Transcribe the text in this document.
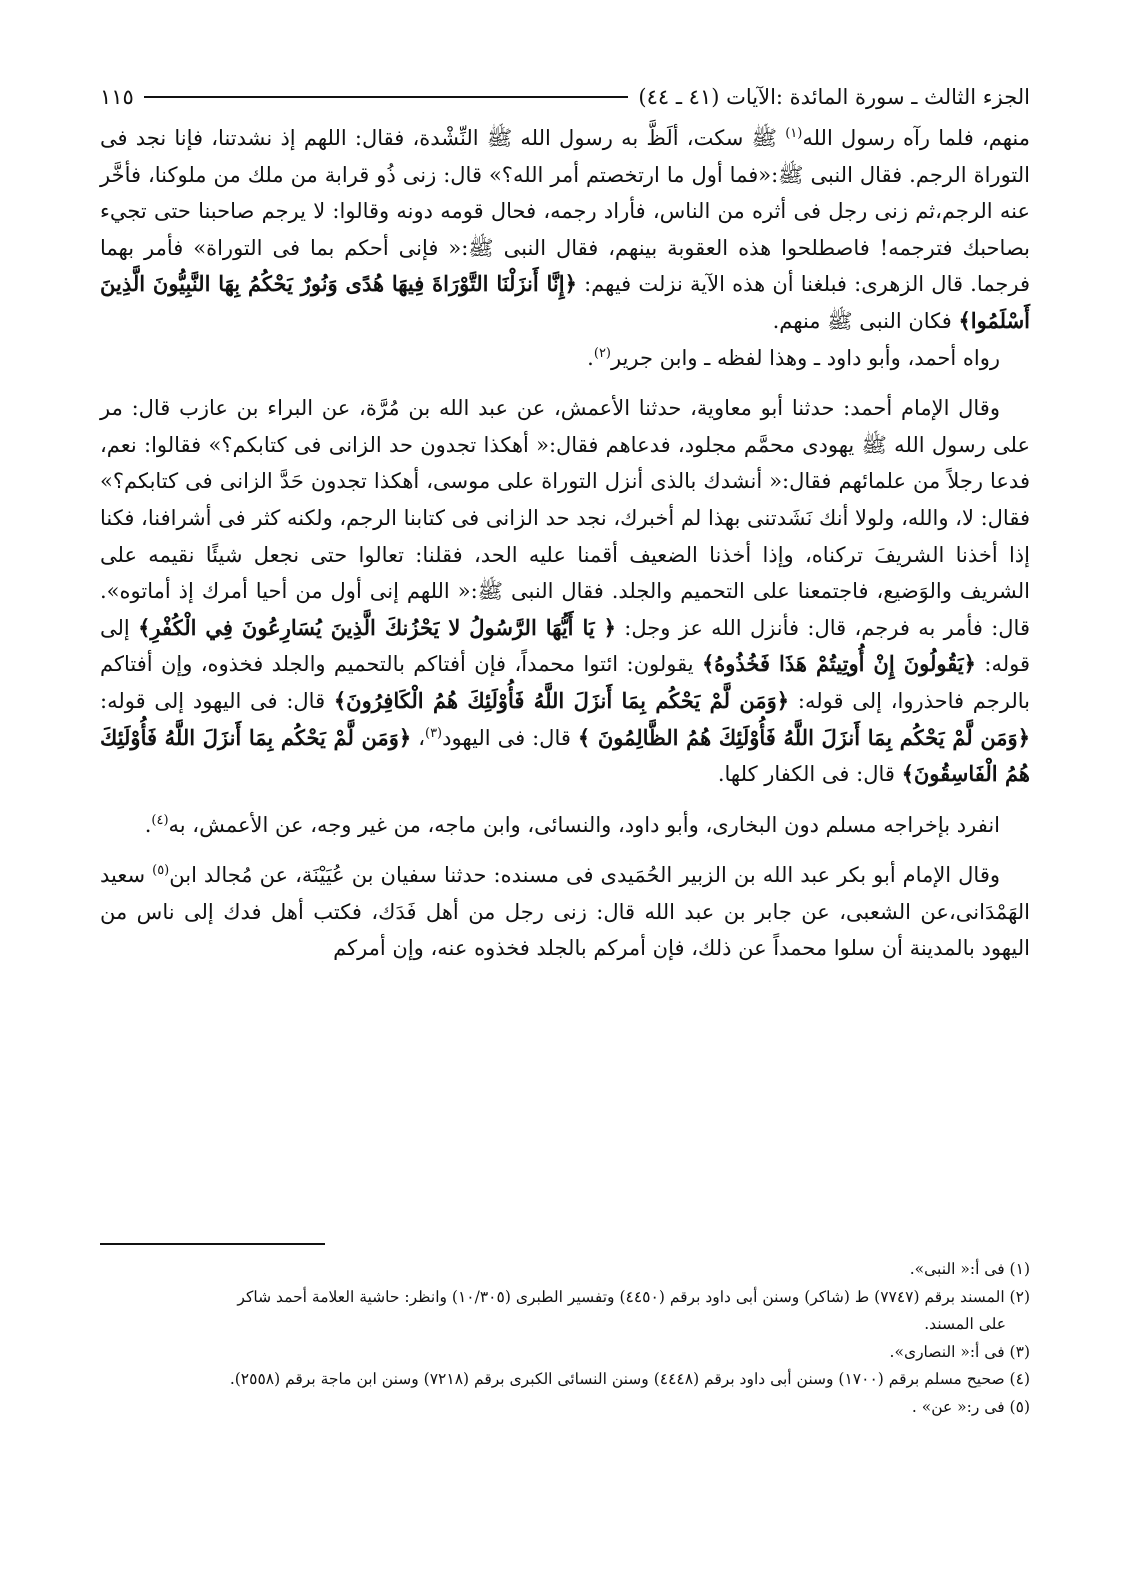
الجزء الثالث ـ سورة المائدة :الآيات (٤١ ـ ٤٤)
١١٥

منهم، فلما رآه رسول الله$^{(١)}$ ﷺ سكت، ألَظَّ به رسول الله ﷺ النِّشْدة، فقال: اللهم إذ نشدتنا، فإنا نجد فى التوراة الرجم. فقال النبى ﷺ:«فما أول ما ارتخصتم أمر الله؟» قال: زنى ذُو قرابة من ملك من ملوكنا، فأخَّر عنه الرجم،ثم زنى رجل فى أثره من الناس، فأراد رجمه، فحال قومه دونه وقالوا: لا يرجم صاحبنا حتى تجيء بصاحبك فترجمه! فاصطلحوا هذه العقوبة بينهم، فقال النبى ﷺ:« فإنى أحكم بما فى التوراة» فأمر بهما فرجما. قال الزهرى: فبلغنا أن هذه الآية نزلت فيهم: ﴿إِنَّا أَنزَلْنَا التَّوْرَاةَ فِيهَا هُدًى وَنُورٌ يَحْكُمُ بِهَا النَّبِيُّونَ الَّذِينَ أَسْلَمُوا﴾ فكان النبى ﷺ منهم.

رواه أحمد، وأبو داود ـ وهذا لفظه ـ وابن جرير$^{(٢)}$.

وقال الإمام أحمد: حدثنا أبو معاوية، حدثنا الأعمش، عن عبد الله بن مُرَّة، عن البراء بن عازب قال: مر على رسول الله ﷺ يهودى محمَّم مجلود، فدعاهم فقال:« أهكذا تجدون حد الزانى فى كتابكم؟» فقالوا: نعم، فدعا رجلاً من علمائهم فقال:« أنشدك بالذى أنزل التوراة على موسى، أهكذا تجدون حَدَّ الزانى فى كتابكم؟» فقال: لا، والله، ولولا أنك نَشَدتنى بهذا لم أخبرك، نجد حد الزانى فى كتابنا الرجم، ولكنه كثر فى أشرافنا، فكنا إذا أخذنا الشريفَ تركناه، وإذا أخذنا الضعيف أقمنا عليه الحد، فقلنا: تعالوا حتى نجعل شيئًا نقيمه على الشريف والوَضيع، فاجتمعنا على التحميم والجلد. فقال النبى ﷺ:« اللهم إنى أول من أحيا أمرك إذ أماتوه». قال: فأمر به فرجم، قال: فأنزل الله عز وجل: ﴿ يَا أَيُّهَا الرَّسُولُ لا يَحْزُنكَ الَّذِينَ يُسَارِعُونَ فِي الْكُفْرِ﴾ إلى قوله: ﴿يَقُولُونَ إِنْ أُوتِيتُمْ هَذَا فَخُذُوهُ﴾ يقولون: ائتوا محمداً، فإن أفتاكم بالتحميم والجلد فخذوه، وإن أفتاكم بالرجم فاحذروا، إلى قوله: ﴿وَمَن لَّمْ يَحْكُم بِمَا أَنزَلَ اللَّهُ فَأُوْلَئِكَ هُمُ الْكَافِرُونَ﴾ قال: فى اليهود إلى قوله: ﴿وَمَن لَّمْ يَحْكُم بِمَا أَنزَلَ اللَّهُ فَأُوْلَئِكَ هُمُ الظَّالِمُونَ ﴾ قال: فى اليهود$^{(٣)}$، ﴿وَمَن لَّمْ يَحْكُم بِمَا أَنزَلَ اللَّهُ فَأُوْلَئِكَ هُمُ الْفَاسِقُونَ﴾ قال: فى الكفار كلها.

انفرد بإخراجه مسلم دون البخارى، وأبو داود، والنسائى، وابن ماجه، من غير وجه، عن الأعمش، به$^{(٤)}$.

وقال الإمام أبو بكر عبد الله بن الزبير الحُمَيدى فى مسنده: حدثنا سفيان بن عُيَيْنَة، عن مُجالد ابن$^{(٥)}$ سعيد الهَمْدَانى،عن الشعبى، عن جابر بن عبد الله قال: زنى رجل من أهل فَدَك، فكتب أهل فدك إلى ناس من اليهود بالمدينة أن سلوا محمداً عن ذلك، فإن أمركم بالجلد فخذوه عنه، وإن أمركم

(١) فى أ:« النبى».

(٢) المسند برقم (٧٧٤٧) ط (شاكر) وسنن أبى داود برقم (٤٤٥٠) وتفسير الطبرى (١٠/٣٠٥) وانظر: حاشية العلامة أحمد شاكر

على المسند.

(٣) فى أ:« النصارى».

(٤) صحيح مسلم برقم (١٧٠٠) وسنن أبى داود برقم (٤٤٤٨) وسنن النسائى الكبرى برقم (٧٢١٨) وسنن ابن ماجة برقم (٢٥٥٨).

(٥) فى ر:« عن» .
